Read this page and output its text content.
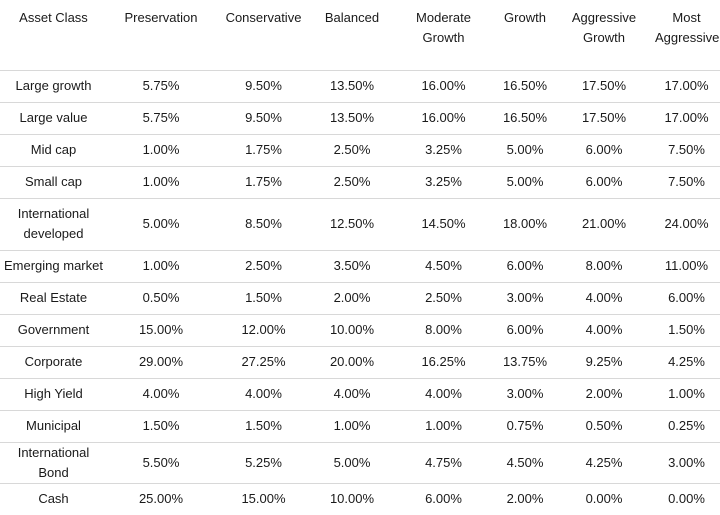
Asset Class	Preservation	Conservative	Balanced	Moderate Growth	Growth	Aggressive Growth	Most Aggressive
Large growth	5.75%	9.50%	13.50%	16.00%	16.50%	17.50%	17.00%
Large value	5.75%	9.50%	13.50%	16.00%	16.50%	17.50%	17.00%
Mid cap	1.00%	1.75%	2.50%	3.25%	5.00%	6.00%	7.50%
Small cap	1.00%	1.75%	2.50%	3.25%	5.00%	6.00%	7.50%
International developed	5.00%	8.50%	12.50%	14.50%	18.00%	21.00%	24.00%
Emerging market	1.00%	2.50%	3.50%	4.50%	6.00%	8.00%	11.00%
Real Estate	0.50%	1.50%	2.00%	2.50%	3.00%	4.00%	6.00%
Government	15.00%	12.00%	10.00%	8.00%	6.00%	4.00%	1.50%
Corporate	29.00%	27.25%	20.00%	16.25%	13.75%	9.25%	4.25%
High Yield	4.00%	4.00%	4.00%	4.00%	3.00%	2.00%	1.00%
Municipal	1.50%	1.50%	1.00%	1.00%	0.75%	0.50%	0.25%
International Bond	5.50%	5.25%	5.00%	4.75%	4.50%	4.25%	3.00%
Cash	25.00%	15.00%	10.00%	6.00%	2.00%	0.00%	0.00%
